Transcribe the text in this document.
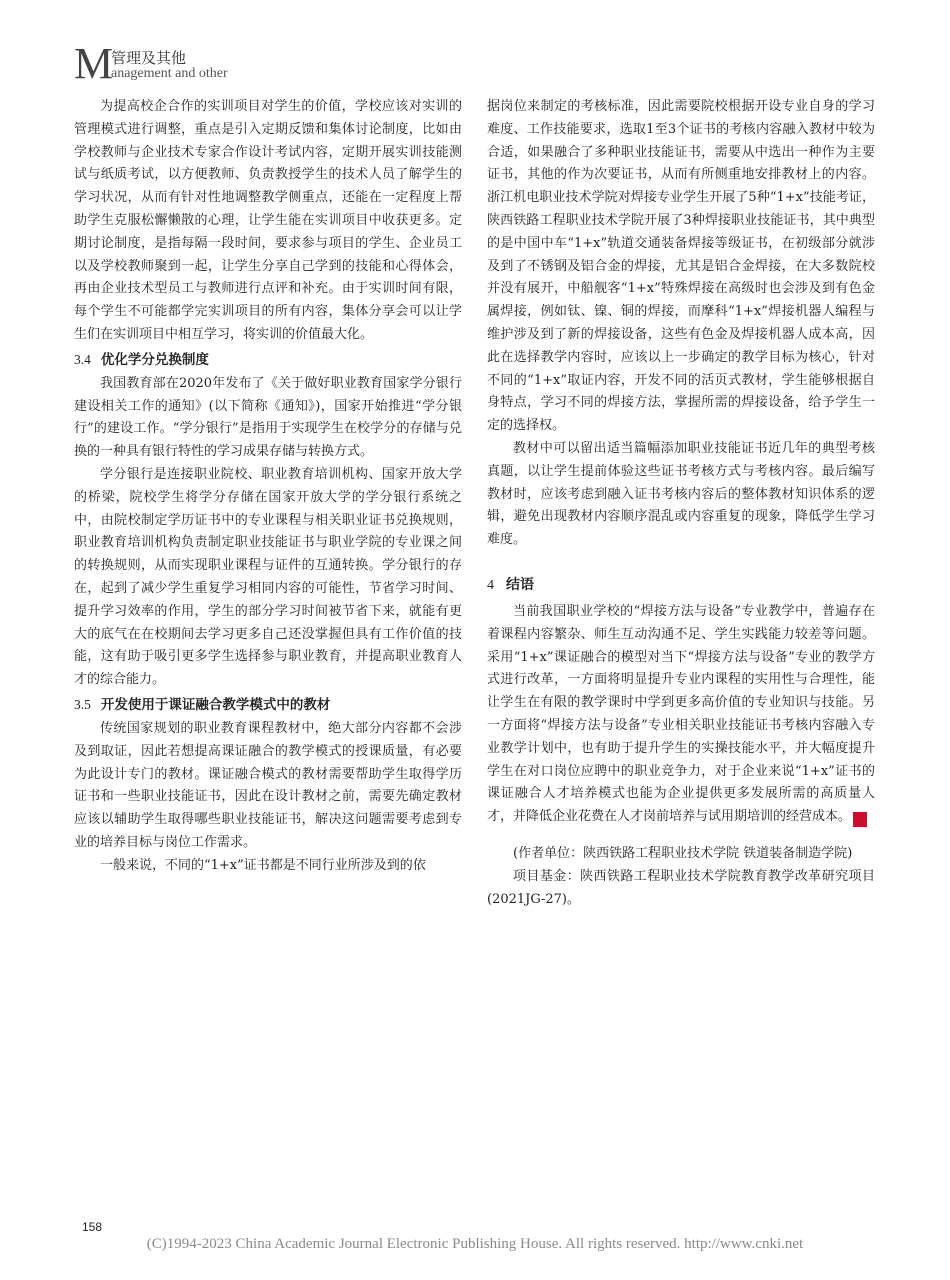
M
管理及其他
anagement and other

为提高校企合作的实训项目对学生的价值，学校应该对实训的管理模式进行调整，重点是引入定期反馈和集体讨论制度，比如由学校教师与企业技术专家合作设计考试内容，定期开展实训技能测试与纸质考试，以方便教师、负责教授学生的技术人员了解学生的学习状况，从而有针对性地调整教学侧重点，还能在一定程度上帮助学生克服松懈懒散的心理，让学生能在实训项目中收获更多。定期讨论制度，是指每隔一段时间，要求参与项目的学生、企业员工以及学校教师聚到一起，让学生分享自己学到的技能和心得体会，再由企业技术型员工与教师进行点评和补充。由于实训时间有限，每个学生不可能都学完实训项目的所有内容，集体分享会可以让学生们在实训项目中相互学习，将实训的价值最大化。

3.4 优化学分兑换制度

我国教育部在2020年发布了《关于做好职业教育国家学分银行建设相关工作的通知》(以下简称《通知》)，国家开始推进“学分银行”的建设工作。“学分银行”是指用于实现学生在校学分的存储与兑换的一种具有银行特性的学习成果存储与转换方式。

学分银行是连接职业院校、职业教育培训机构、国家开放大学的桥梁，院校学生将学分存储在国家开放大学的学分银行系统之中，由院校制定学历证书中的专业课程与相关职业证书兑换规则，职业教育培训机构负责制定职业技能证书与职业学院的专业课之间的转换规则，从而实现职业课程与证件的互通转换。学分银行的存在，起到了减少学生重复学习相同内容的可能性，节省学习时间、提升学习效率的作用，学生的部分学习时间被节省下来，就能有更大的底气在在校期间去学习更多自己还没掌握但具有工作价值的技能，这有助于吸引更多学生选择参与职业教育，并提高职业教育人才的综合能力。

3.5 开发使用于课证融合教学模式中的教材

传统国家规划的职业教育课程教材中，绝大部分内容都不会涉及到取证，因此若想提高课证融合的教学模式的授课质量，有必要为此设计专门的教材。课证融合模式的教材需要帮助学生取得学历证书和一些职业技能证书，因此在设计教材之前，需要先确定教材应该以辅助学生取得哪些职业技能证书，解决这问题需要考虑到专业的培养目标与岗位工作需求。

一般来说，不同的“1+x”证书都是不同行业所涉及到的依

据岗位来制定的考核标准，因此需要院校根据开设专业自身的学习难度、工作技能要求，选取1至3个证书的考核内容融入教材中较为合适，如果融合了多种职业技能证书，需要从中选出一种作为主要证书，其他的作为次要证书，从而有所侧重地安排教材上的内容。浙江机电职业技术学院对焊接专业学生开展了5种“1+x”技能考证，陕西铁路工程职业技术学院开展了3种焊接职业技能证书，其中典型的是中国中车“1+x”轨道交通装备焊接等级证书，在初级部分就涉及到了不锈钢及铝合金的焊接，尤其是铝合金焊接，在大多数院校并没有展开，中船舰客“1+x”特殊焊接在高级时也会涉及到有色金属焊接，例如钛、镍、铜的焊接，而摩科“1+x”焊接机器人编程与维护涉及到了新的焊接设备，这些有色金及焊接机器人成本高，因此在选择教学内容时，应该以上一步确定的教学目标为核心，针对不同的“1+x”取证内容，开发不同的活页式教材，学生能够根据自身特点，学习不同的焊接方法，掌握所需的焊接设备，给予学生一定的选择权。

教材中可以留出适当篇幅添加职业技能证书近几年的典型考核真题，以让学生提前体验这些证书考核方式与考核内容。最后编写教材时，应该考虑到融入证书考核内容后的整体教材知识体系的逻辑，避免出现教材内容顺序混乱或内容重复的现象，降低学生学习难度。

4 结语

当前我国职业学校的“焊接方法与设备”专业教学中，普遍存在着课程内容繁杂、师生互动沟通不足、学生实践能力较差等问题。采用“1+x”课证融合的模型对当下“焊接方法与设备”专业的教学方式进行改革，一方面将明显提升专业内课程的实用性与合理性，能让学生在有限的教学课时中学到更多高价值的专业知识与技能。另一方面将“焊接方法与设备”专业相关职业技能证书考核内容融入专业教学计划中，也有助于提升学生的实操技能水平，并大幅度提升学生在对口岗位应聘中的职业竞争力，对于企业来说“1+x”证书的课证融合人才培养模式也能为企业提供更多发展所需的高质量人才，并降低企业花费在人才岗前培养与试用期培训的经营成本。	通

(作者单位：陕西铁路工程职业技术学院 铁道装备制造学院)

项目基金：陕西铁路工程职业技术学院教育教学改革研究项目(2021JG-27)。

158
(C)1994-2023 China Academic Journal Electronic Publishing House. All rights reserved. http://www.cnki.net
